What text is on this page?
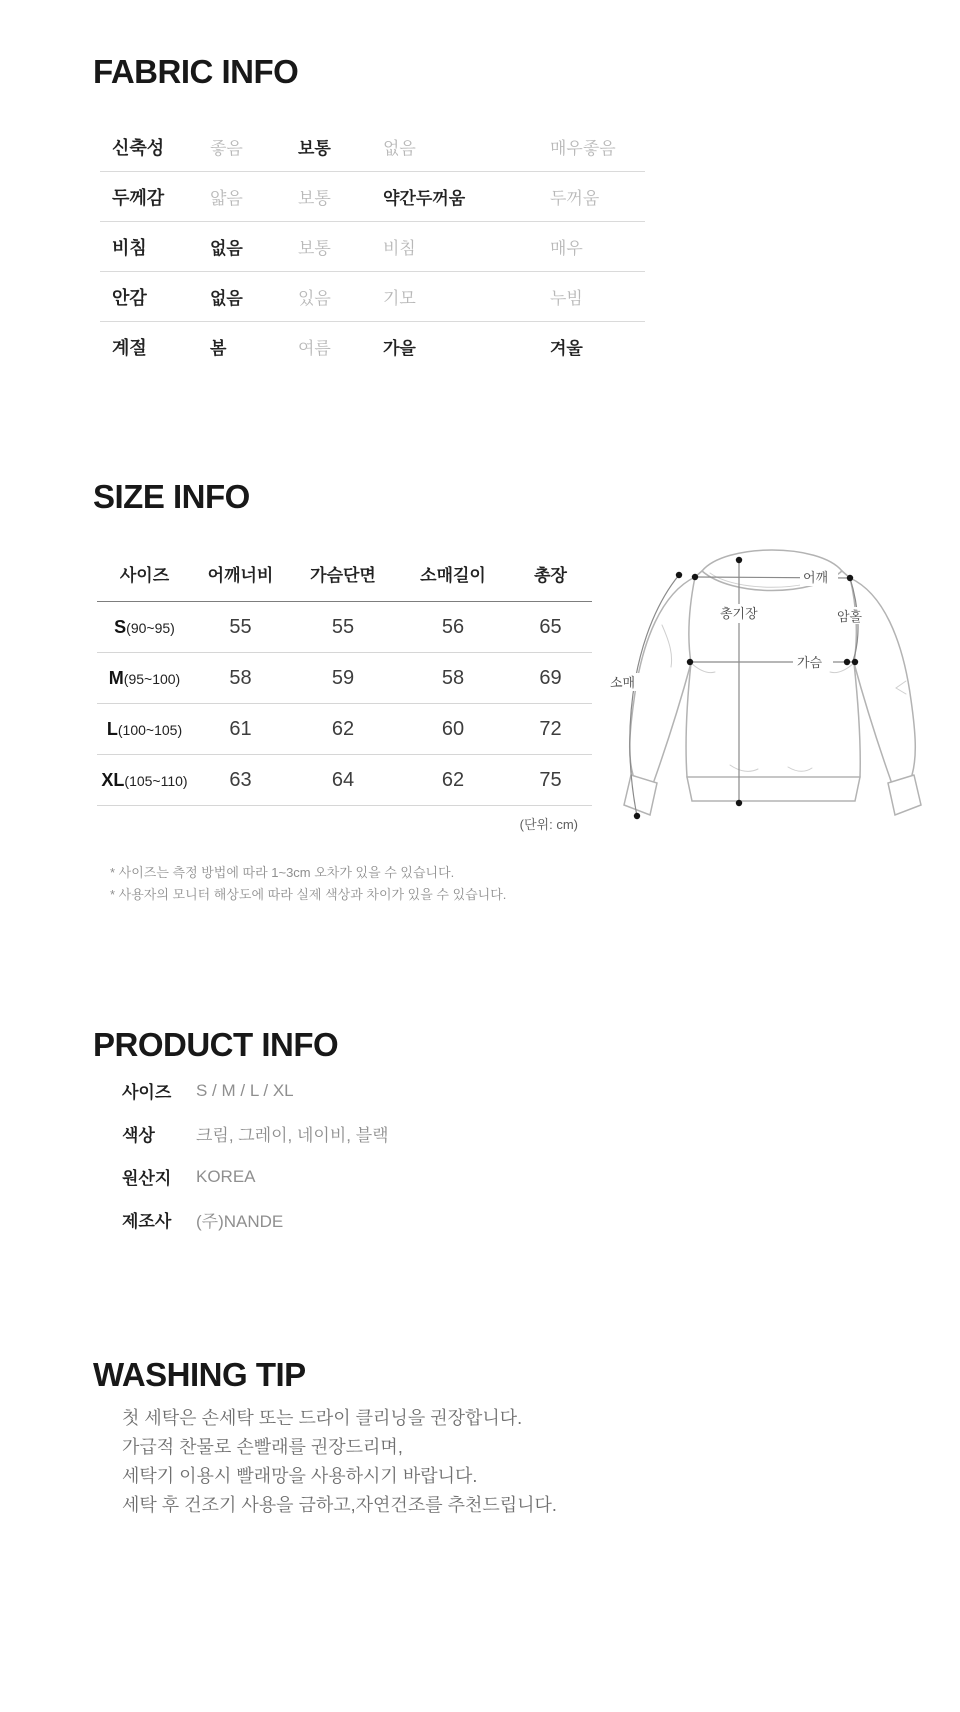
FABRIC INFO
신축성	좋음	보통	없음	매우좋음
두께감	얇음	보통	약간두꺼움	두꺼움
비침	없음	보통	비침	매우
안감	없음	있음	기모	누빔
계절	봄	여름	가을	겨울
SIZE INFO
사이즈	어깨너비	가슴단면	소매길이	총장
S(90~95)	55	55	56	65
M(95~100)	58	59	58	69
L(100~105)	61	62	60	72
XL(105~110)	63	64	62	75
(단위: cm)
어깨
총기장	암홀
가슴
소매
* 사이즈는 측정 방법에 따라 1~3cm 오차가 있을 수 있습니다.
* 사용자의 모니터 해상도에 따라 실제 색상과 차이가 있을 수 있습니다.
PRODUCT INFO
사이즈	S / M / L / XL
색상	크림, 그레이, 네이비, 블랙
원산지	KOREA
제조사	(주)NANDE
WASHING TIP
첫 세탁은 손세탁 또는 드라이 클리닝을 권장합니다.
가급적 찬물로 손빨래를 권장드리며,
세탁기 이용시 빨래망을 사용하시기 바랍니다.
세탁 후 건조기 사용을 금하고,자연건조를 추천드립니다.
